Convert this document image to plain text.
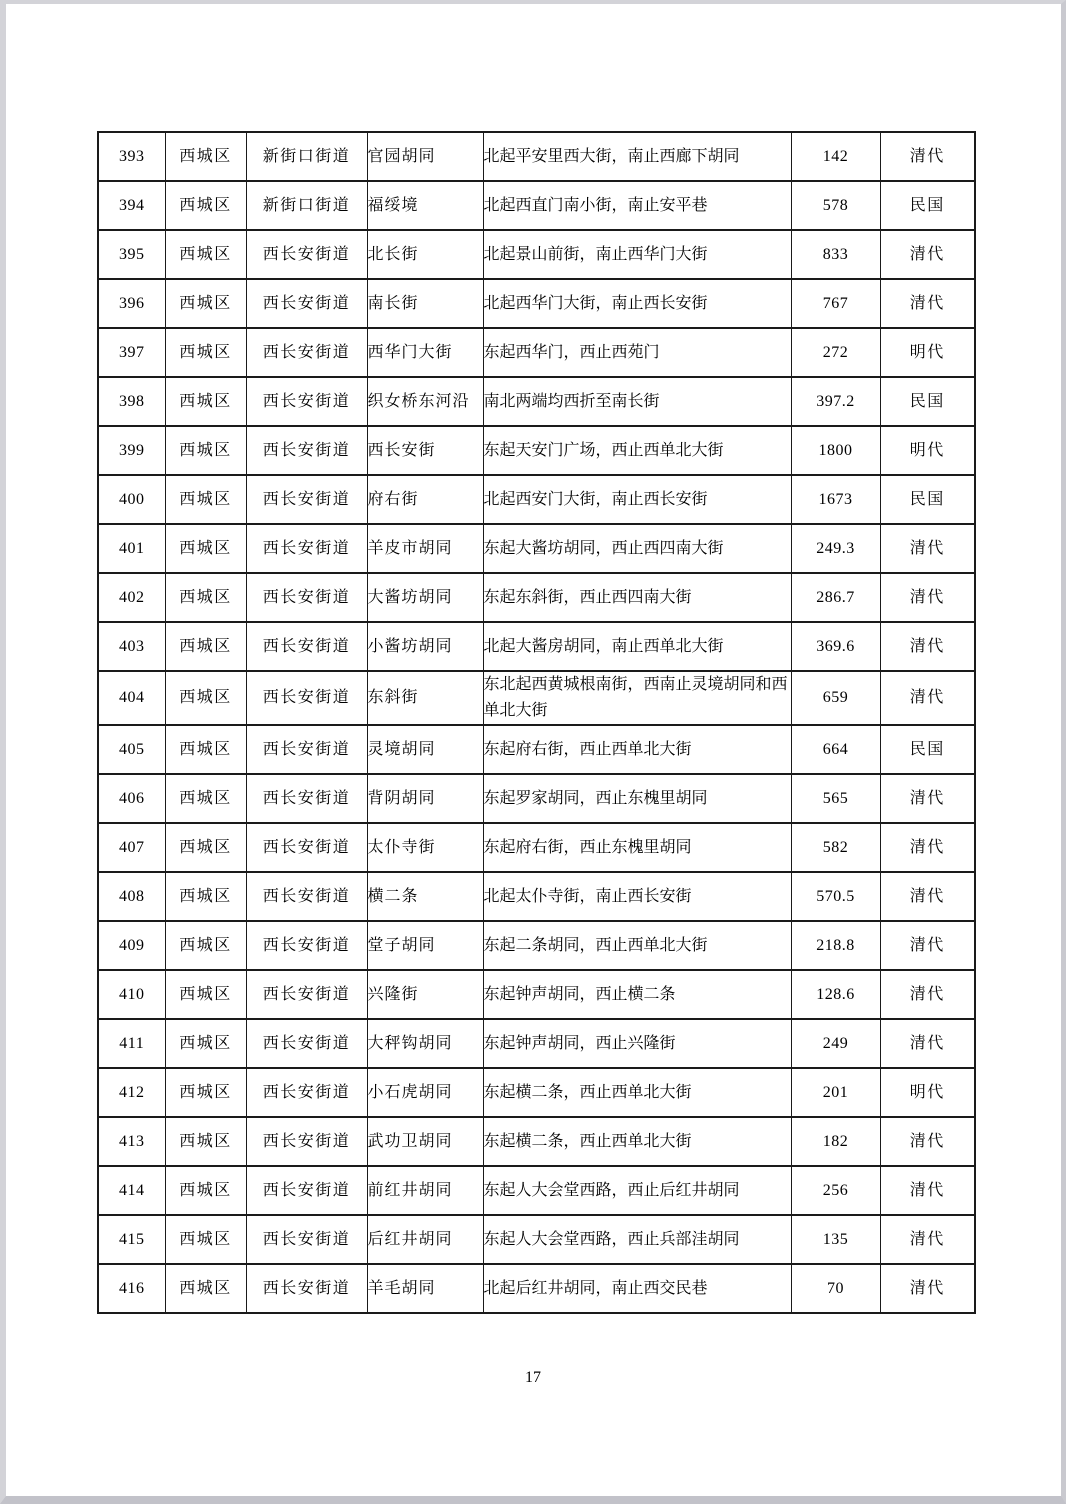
393	西城区	新街口街道	官园胡同	北起平安里西大街，南止西廊下胡同	142	清代
394	西城区	新街口街道	福绥境	北起西直门南小街，南止安平巷	578	民国
395	西城区	西长安街道	北长街	北起景山前街，南止西华门大街	833	清代
396	西城区	西长安街道	南长街	北起西华门大街，南止西长安街	767	清代
397	西城区	西长安街道	西华门大街	东起西华门，西止西苑门	272	明代
398	西城区	西长安街道	织女桥东河沿	南北两端均西折至南长街	397.2	民国
399	西城区	西长安街道	西长安街	东起天安门广场，西止西单北大街	1800	明代
400	西城区	西长安街道	府右街	北起西安门大街，南止西长安街	1673	民国
401	西城区	西长安街道	羊皮市胡同	东起大酱坊胡同，西止西四南大街	249.3	清代
402	西城区	西长安街道	大酱坊胡同	东起东斜街，西止西四南大街	286.7	清代
403	西城区	西长安街道	小酱坊胡同	北起大酱房胡同，南止西单北大街	369.6	清代
404	西城区	西长安街道	东斜街	东北起西黄城根南街，西南止灵境胡同和西单北大街	659	清代
405	西城区	西长安街道	灵境胡同	东起府右街，西止西单北大街	664	民国
406	西城区	西长安街道	背阴胡同	东起罗家胡同，西止东槐里胡同	565	清代
407	西城区	西长安街道	太仆寺街	东起府右街，西止东槐里胡同	582	清代
408	西城区	西长安街道	横二条	北起太仆寺街，南止西长安街	570.5	清代
409	西城区	西长安街道	堂子胡同	东起二条胡同，西止西单北大街	218.8	清代
410	西城区	西长安街道	兴隆街	东起钟声胡同，西止横二条	128.6	清代
411	西城区	西长安街道	大秤钩胡同	东起钟声胡同，西止兴隆街	249	清代
412	西城区	西长安街道	小石虎胡同	东起横二条，西止西单北大街	201	明代
413	西城区	西长安街道	武功卫胡同	东起横二条，西止西单北大街	182	清代
414	西城区	西长安街道	前红井胡同	东起人大会堂西路，西止后红井胡同	256	清代
415	西城区	西长安街道	后红井胡同	东起人大会堂西路，西止兵部洼胡同	135	清代
416	西城区	西长安街道	羊毛胡同	北起后红井胡同，南止西交民巷	70	清代
17
